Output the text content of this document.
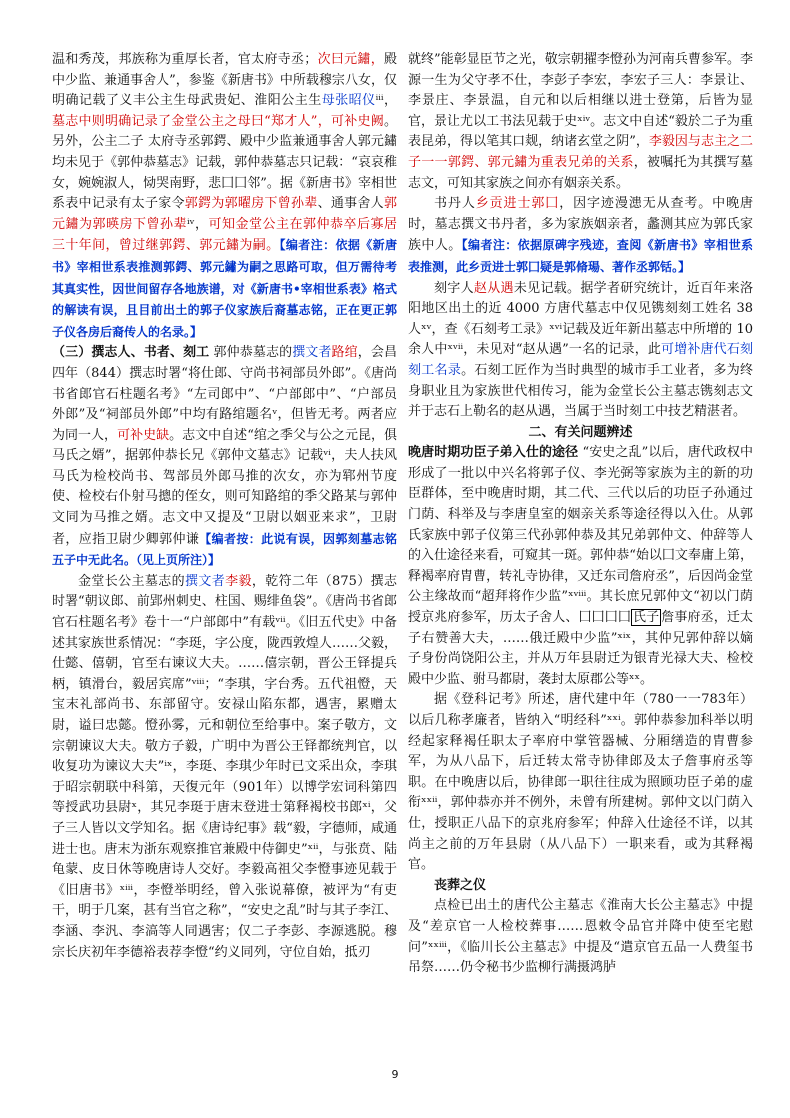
温和秀茂，邦族称为重厚长者，官太府寺丞；次曰元鏽，殿中少监、兼通事舍人”，参鉴《新唐书》中所载穆宗八女，仅明确记载了义丰公主生母武贵妃、淮阳公主生母张昭仪ⁱⁱⁱ，墓志中则明确记录了金堂公主之母曰“郑才人”，可补史阙。另外，公主二子 太府寺丞郭鍔、殿中少监兼通事舍人郭元鏽均未见于《郭仲恭墓志》记载，郭仲恭墓志只记载：“哀哀稚女，婉婉淑人，恸哭南野，悲囗囗邻”。据《新唐书》宰相世系表中记录有太子家令郭鍔为郭曜房下曾孙辈、通事舍人郭元鏽为郭暎房下曾孙辈ⁱᵛ，可知金堂公主在郭仲恭卒后寡居三十年间，曾过继郭鍔、郭元鏽为嗣。【编者注：依据《新唐书》宰相世系表推测郭鍔、郭元鏽为嗣之思路可取，但万需待考其真实性，因世间留存各地族谱，对《新唐书•宰相世系表》格式的解读有误，且目前出土的郭子仪家族后裔墓志铭，正在更正郭子仪各房后裔传人的名录。】

（三）撰志人、书者、刻工 郭仲恭墓志的撰文者路绾，会昌四年（844）撰志时署“将仕郎、守尚书祠部员外郎”。《唐尚书省郎官石柱题名考》“左司郎中”、“户部郎中”、“户部员外郎”及“祠部员外郎”中均有路绾题名ᵛ，但皆无考。两者应为同一人，可补史缺。志文中自述“绾之季父与公之元昆，俱马氏之婿”，据郭仲恭长兄《郭仲文墓志》记载ᵛⁱ，夫人扶风马氏为检校尚书、驾部员外郎马推的次女，亦为郓州节度使、检校右仆射马摠的侄女，则可知路绾的季父路某与郭仲文同为马推之婿。志文中又提及“卫尉以姻亚来求”，卫尉者，应指卫尉少卿郭仲谦【编者按：此说有误，因郭刻墓志铭五子中无此名。（见上页所注）】

金堂长公主墓志的撰文者李毅，乾符二年（875）撰志时署“朝议郎、前郢州刺史、柱国、赐绯鱼袋”。《唐尚书省郎官石柱题名考》卷十一“户部郎中”有载ᵛⁱⁱ。《旧五代史》中备述其家族世系情况：“李珽，字公度，陇西敦煌人……父毅，仕懿、僖朝，官至右谏议大夫。……僖宗朝，晋公王铎提兵柄，镇滑台，毅居宾席”ᵛⁱⁱⁱ；“李琪，字台秀。五代祖憕，天宝末礼部尚书、东部留守。安禄山陷东都，遇害，累赠太尉，谥曰忠懿。憕孙雾，元和朝位至给事中。案子敬方，文宗朝谏议大夫。敬方子毅，广明中为晋公王铎都统判官，以收复功为谏议大夫”ⁱˣ，李珽、李琪少年时已文采出众，李琪于昭宗朝联中科第，天復元年（901年）以博学宏词科第四等授武功县尉ˣ，其兄李珽于唐末登进士第释褐校书郎ˣⁱ，父子三人皆以文学知名。据《唐诗纪事》载“毅，字德师，咸通进士也。唐末为浙东观察推官兼殿中侍御史”ˣⁱⁱ，与张贲、陆龟蒙、皮日休等晚唐诗人交好。李毅高祖父李憕事迹见载于《旧唐书》ˣⁱⁱⁱ，李憕举明经，曾入张说幕僚，被评为“有吏干，明于几案，甚有当官之称”，“安史之乱”时与其子李江、李涵、李汎、李滈等人同遇害；仅二子李彭、李源逃脱。穆宗长庆初年李德裕表荐李憕“约义同列，守位自始，抵刃

就终”能彰显臣节之光，敬宗朝擢李憕孙为河南兵曹参军。李源一生为父守孝不仕，李彭子李宏，李宏子三人：李景让、李景庄、李景温，自元和以后相继以进士登第，后皆为显官，景让尤以工书法见载于史ˣⁱᵛ。志文中自述“毅於二子为重表昆弟，得以笔其口觌，纳诸玄堂之阴”，李毅因与志主之二子一一郭鍔、郭元鏽为重表兄弟的关系，被嘱托为其撰写墓志文，可知其家族之间亦有姻亲关系。

书丹人乡贡进士郭囗，因字迹漫漶无从查考。中晚唐时，墓志撰文书丹者，多为家族姻亲者，蠡测其应为郭氏家族中人。【编者注：依据原碑字残迹，查阅《新唐书》宰相世系表推测，此乡贡进士郭囗疑是郭脩瑒、著作丞郭铦。】

刻字人赵从遇未见记载。据学者研究统计，近百年来洛阳地区出土的近 4000 方唐代墓志中仅见镌刻刻工姓名 38 人ˣᵛ，查《石刻考工录》ˣᵛⁱ记载及近年新出墓志中所增的 10 余人中ˣᵛⁱⁱ，未见对“赵从遇”一名的记录，此可增补唐代石刻刻工名录。石刻工匠作为当时典型的城市手工业者，多为终身职业且为家族世代相传习，能为金堂长公主墓志镌刻志文并于志石上勒名的赵从遇，当属于当时刻工中技艺精湛者。

二、有关问题辨述

晚唐时期功臣子弟入仕的途径 “安史之乱”以后，唐代政权中形成了一批以中兴名将郭子仪、李光弼等家族为主的新的功臣群体，至中晚唐时期，其二代、三代以后的功臣子孙通过门荫、科举及与李唐皇室的姻亲关系等途径得以入仕。从郭氏家族中郭子仪第三代孙郭仲恭及其兄弟郭仲文、仲辞等人的入仕途径来看，可窥其一斑。郭仲恭“始以囗文奉庸上第，释褐率府胄曹，转礼寺协律，又迁东司詹府丞”，后因尚金堂公主缘故而“超拜将作少监”ˣᵛⁱⁱⁱ。其长庶兄郭仲文“初以门荫授京兆府参军，历太子舍人、囗囗囗囗 氏子 詹事府丞，迁太子右赞善大夫，……俄迁殿中少监”ˣⁱˣ，其仲兄郭仲辞以嫡子身份尚饶阳公主，并从万年县尉迁为银青光禄大夫、检校殿中少监、驸马都尉，袭封太原郡公等ˣˣ。

据《登科记考》所述，唐代建中年（780一一783年）以后几称孝廉者，皆纳入“明经科”ˣˣⁱ。郭仲恭参加科举以明经起家释褐任职太子率府中掌管器械、分厢缮造的胄曹参军，为从八品下，后迁转太常寺协律郎及太子詹事府丞等职。在中晚唐以后，协律郎一职往往成为照顾功臣子弟的虚衔ˣˣⁱⁱ，郭仲恭亦并不例外，未曾有所建树。郭仲文以门荫入仕，授职正八品下的京兆府参军；仲辞入仕途径不详，以其尚主之前的万年县尉（从八品下）一职来看，或为其释褐官。

丧葬之仪

点检已出土的唐代公主墓志《淮南大长公主墓志》中提及“差京官一人检校葬事……恩敕令品官并降中使至宅慰问”ˣˣⁱⁱⁱ，《临川长公主墓志》中提及“遣京官五品一人费玺书吊祭……仍令秘书少监柳行满摄鸿胪

9
